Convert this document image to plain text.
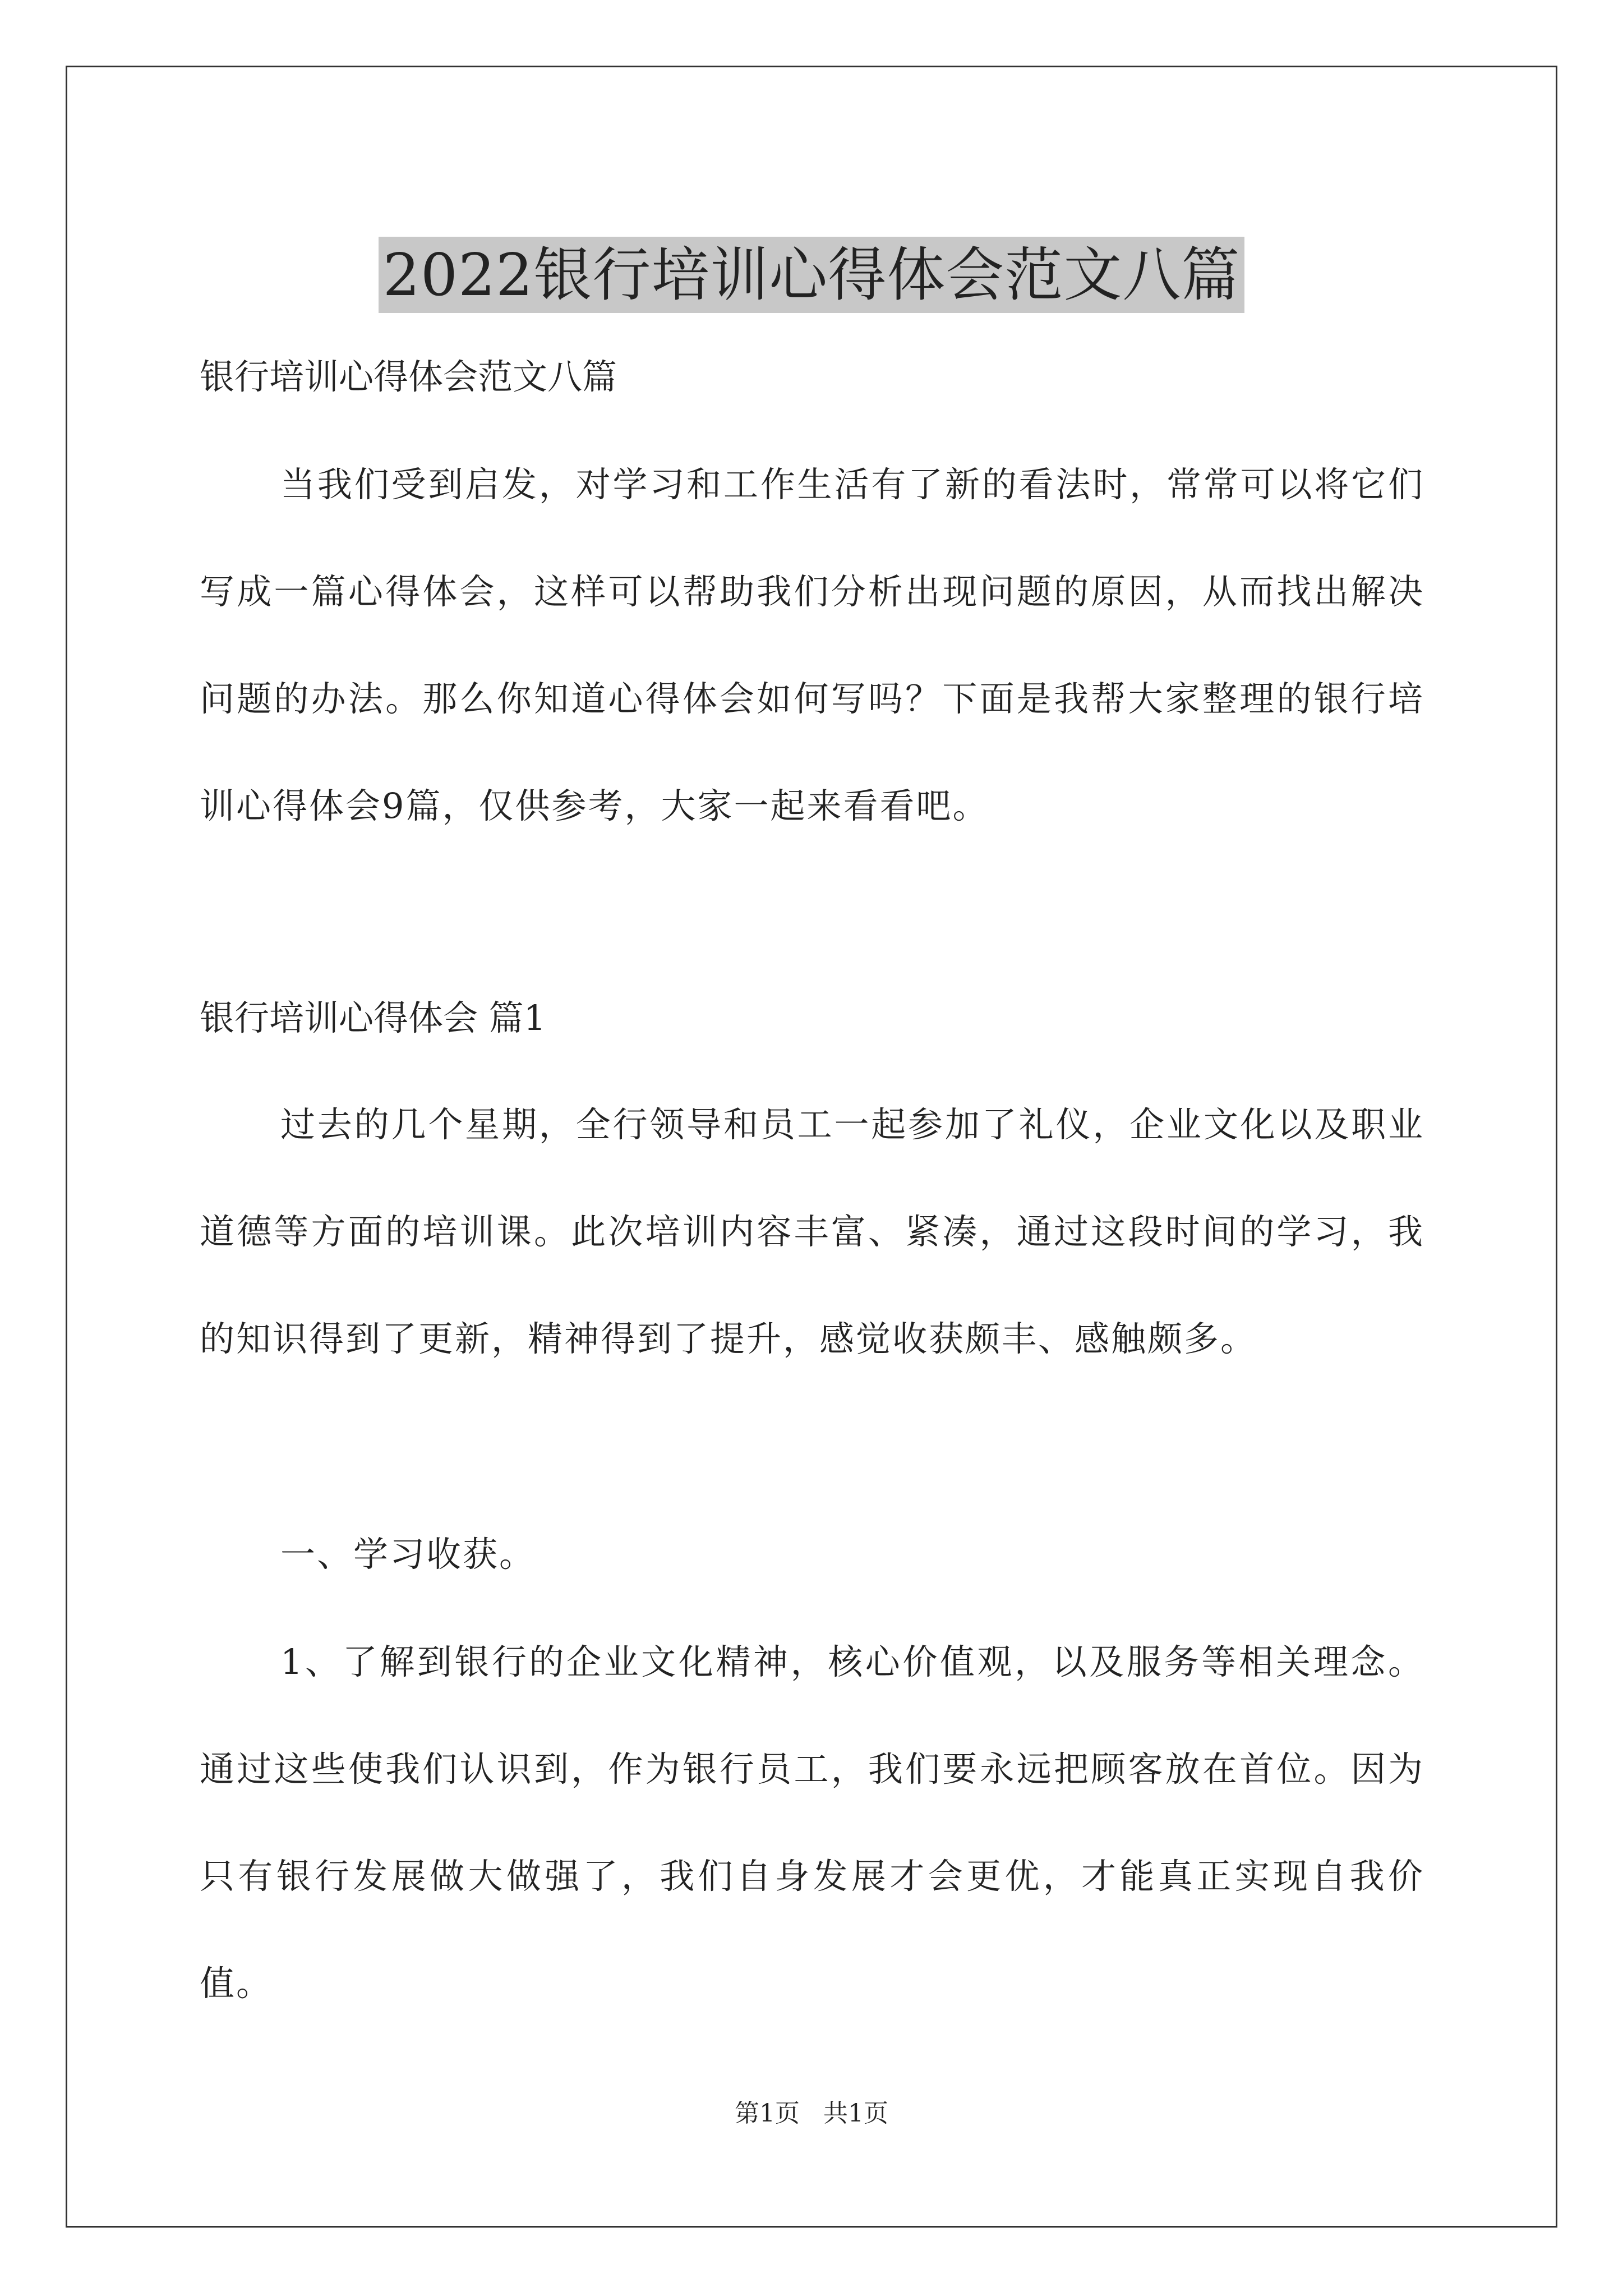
2022银行培训心得体会范文八篇

银行培训心得体会范文八篇

当我们受到启发，对学习和工作生活有了新的看法时，常常可以将它们写成一篇心得体会，这样可以帮助我们分析出现问题的原因，从而找出解决问题的办法。那么你知道心得体会如何写吗？下面是我帮大家整理的银行培训心得体会9篇，仅供参考，大家一起来看看吧。

银行培训心得体会 篇1

过去的几个星期，全行领导和员工一起参加了礼仪，企业文化以及职业道德等方面的培训课。此次培训内容丰富、紧凑，通过这段时间的学习，我的知识得到了更新，精神得到了提升，感觉收获颇丰、感触颇多。

一、学习收获。

1、了解到银行的企业文化精神，核心价值观，以及服务等相关理念。通过这些使我们认识到，作为银行员工，我们要永远把顾客放在首位。因为只有银行发展做大做强了，我们自身发展才会更优，才能真正实现自我价值。

第1页   共1页
